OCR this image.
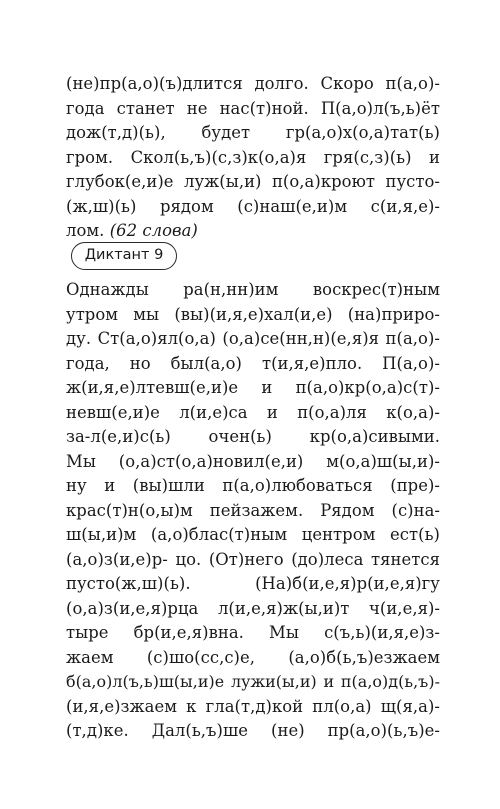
(не)пр(а,о)(ъ)длится долго. Скоро п(а,о)-
года станет не нас(т)ной. П(а,о)л(ъ,ь)ёт
дож(т,д)(ь), будет гр(а,о)х(о,а)тат(ь)
гром. Скол(ь,ъ)(с,з)к(о,а)я гря(с,з)(ь) и
глубок(е,и)е луж(ы,и) п(о,а)кроют пусто-
(ж,ш)(ь) рядом (с)наш(е,и)м с(и,я,е)-
лом. (62 слова)
Диктант 9
Однажды ра(н,нн)им воскрес(т)ным
утром мы (вы)(и,я,е)хал(и,е) (на)приро-
ду. Ст(а,о)ял(о,а) (о,а)се(нн,н)(е,я)я п(а,о)-
года, но был(а,о) т(и,я,е)пло. П(а,о)-
ж(и,я,е)лтевш(е,и)е и п(а,о)кр(о,а)с(т)-
невш(е,и)е л(и,е)са и п(о,а)ля к(о,а)-
за-л(е,и)с(ь) очен(ь) кр(о,а)сивыми.
Мы (о,а)ст(о,а)новил(е,и) м(о,а)ш(ы,и)-
ну и (вы)шли п(а,о)любоваться (пре)-
крас(т)н(о,ы)м пейзажем. Рядом (с)на-
ш(ы,и)м (а,о)блас(т)ным центром ест(ь)
(а,о)з(и,е)р- цо. (От)него (до)леса тянется
пусто(ж,ш)(ь). (На)б(и,е,я)р(и,е,я)гу
(о,а)з(и,е,я)рца л(и,е,я)ж(ы,и)т ч(и,е,я)-
тыре бр(и,е,я)вна. Мы с(ъ,ь)(и,я,е)з-
жаем (с)шо(сс,с)е, (а,о)б(ь,ъ)езжаем
б(а,о)л(ъ,ь)ш(ы,и)е лужи(ы,и) и п(а,о)д(ь,ъ)-
(и,я,е)зжаем к гла(т,д)кой пл(о,а) щ(я,а)-
(т,д)ке. Дал(ь,ъ)ше (не) пр(а,о)(ь,ъ)е-
